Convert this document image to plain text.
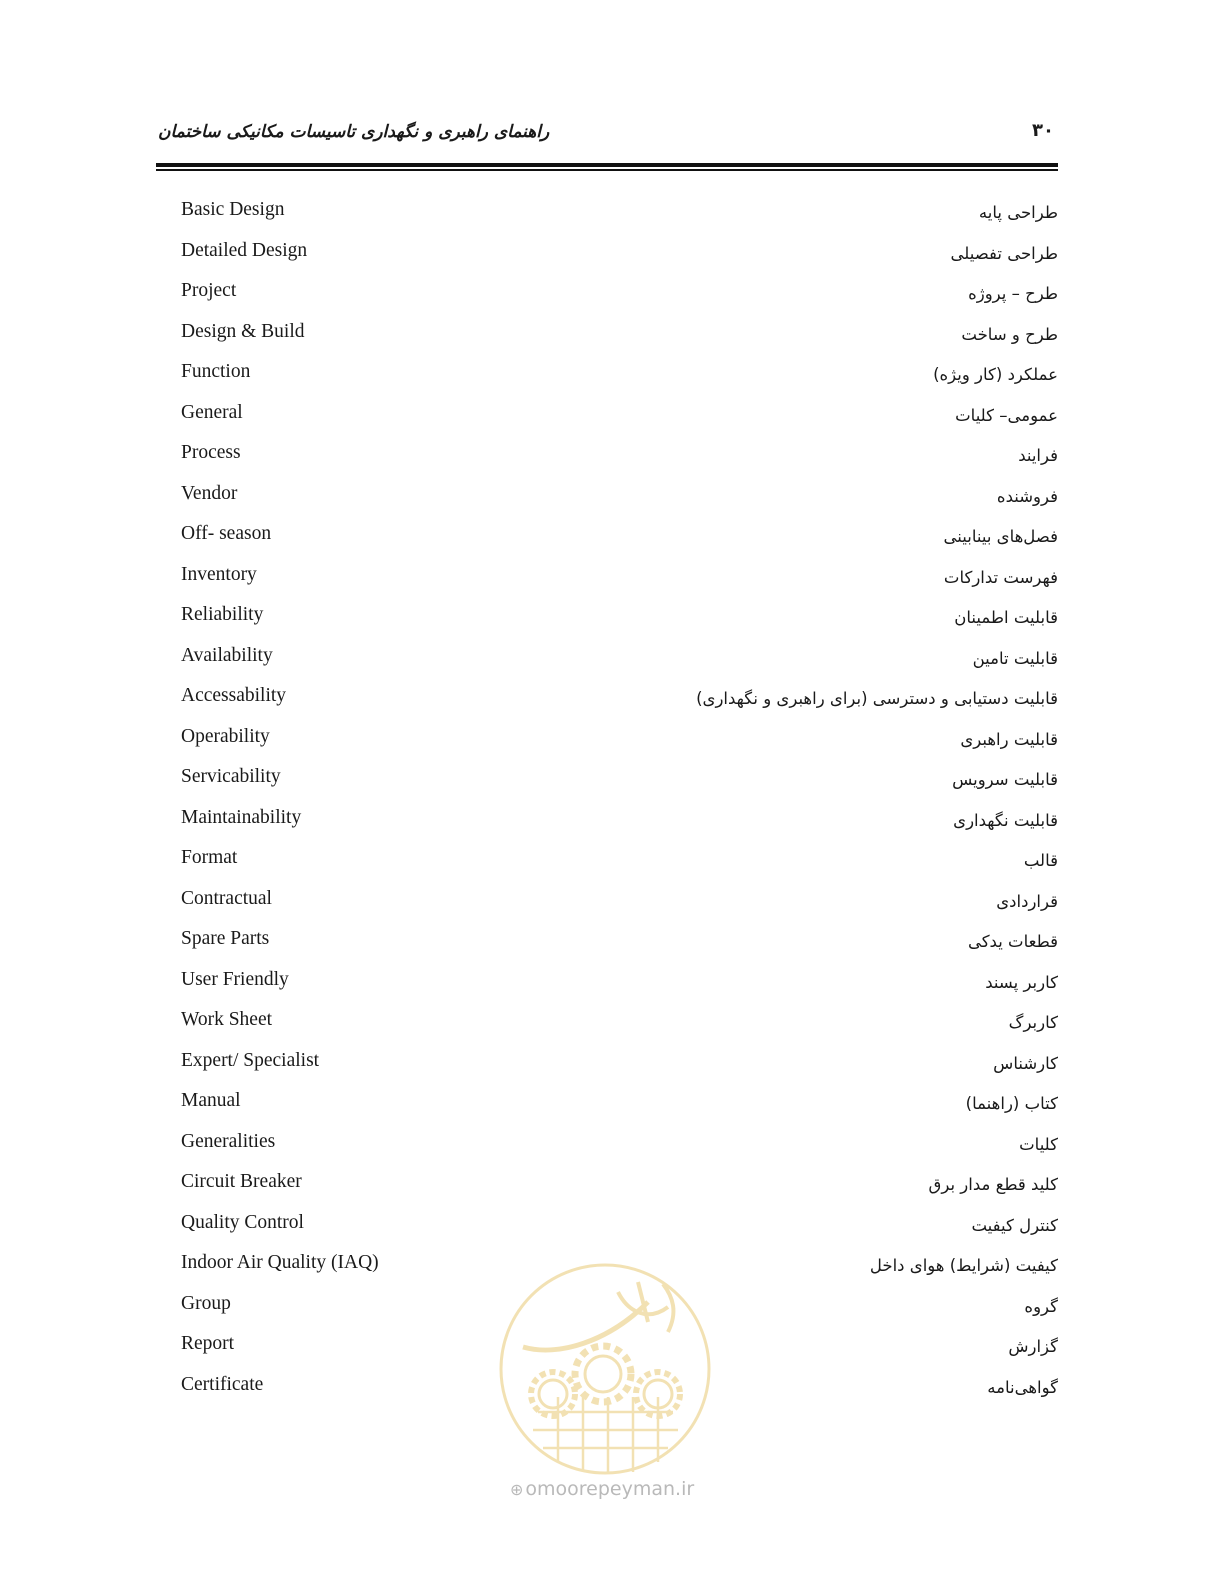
راهنمای راهبری و نگهداری تاسیسات مکانیکی ساختمان	۳۰
Basic Design	طراحی پایه
Detailed Design	طراحی تفصیلی
Project	طرح – پروژه
Design & Build	طرح و ساخت
Function	عملکرد (کار ویژه)
General	عمومی– کلیات
Process	فرایند
Vendor	فروشنده
Off- season	فصل‌های بینابینی
Inventory	فهرست تدارکات
Reliability	قابلیت اطمینان
Availability	قابلیت تامین
Accessability	قابلیت دستیابی و دسترسی (برای راهبری و نگهداری)
Operability	قابلیت راهبری
Servicability	قابلیت سرویس
Maintainability	قابلیت نگهداری
Format	قالب
Contractual	قراردادی
Spare Parts	قطعات یدکی
User Friendly	کاربر پسند
Work Sheet	کاربرگ
Expert/ Specialist	کارشناس
Manual	کتاب (راهنما)
Generalities	کلیات
Circuit Breaker	کلید قطع مدار برق
Quality Control	کنترل کیفیت
Indoor Air Quality (IAQ)	کیفیت (شرایط) هوای داخل
Group	گروه
Report	گزارش
Certificate	گواهی‌نامه
⊕ omoorepeyman.ir
